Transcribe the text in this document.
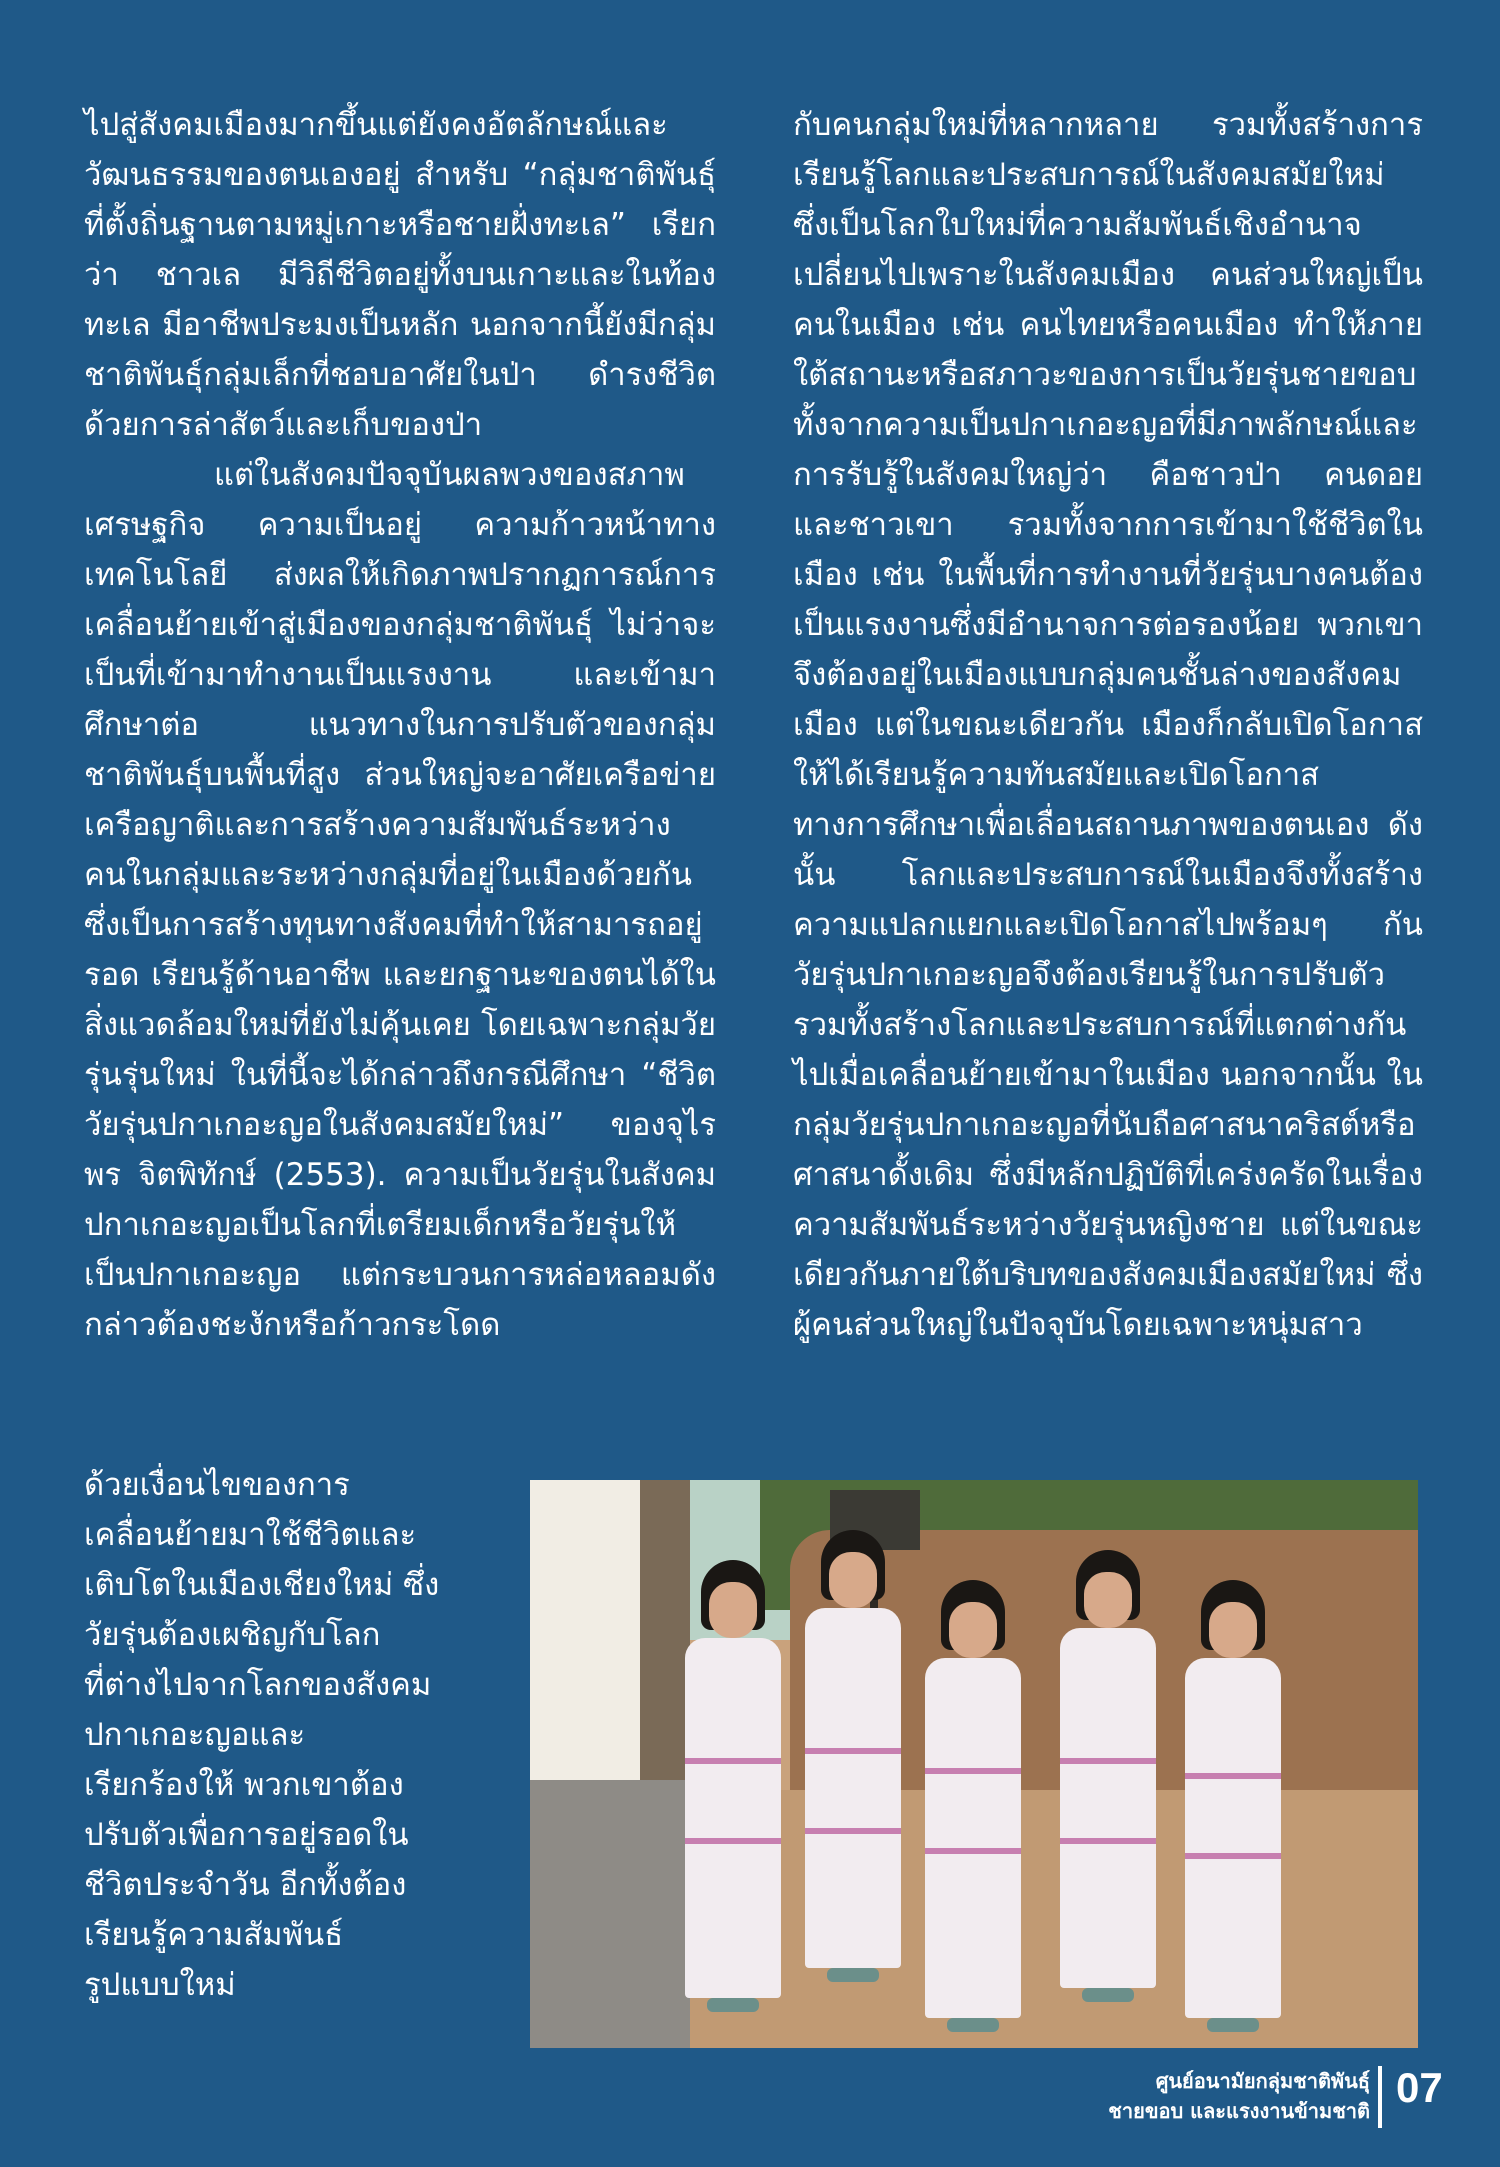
ไปสู่สังคมเมืองมากขึ้นแต่ยังคงอัตลักษณ์และวัฒนธรรมของตนเองอยู่ สำหรับ “กลุ่มชาติพันธุ์ที่ตั้งถิ่นฐานตามหมู่เกาะหรือชายฝั่งทะเล” เรียกว่า ชาวเล มีวิถีชีวิตอยู่ทั้งบนเกาะและในท้องทะเล มีอาชีพประมงเป็นหลัก นอกจากนี้ยังมีกลุ่มชาติพันธุ์กลุ่มเล็กที่ชอบอาศัยในป่า ดำรงชีวิตด้วยการล่าสัตว์และเก็บของป่า

แต่ในสังคมปัจจุบันผลพวงของสภาพเศรษฐกิจ ความเป็นอยู่ ความก้าวหน้าทางเทคโนโลยี ส่งผลให้เกิดภาพปรากฏการณ์การเคลื่อนย้ายเข้าสู่เมืองของกลุ่มชาติพันธุ์ ไม่ว่าจะเป็นที่เข้ามาทำงานเป็นแรงงาน และเข้ามาศึกษาต่อ แนวทางในการปรับตัวของกลุ่มชาติพันธุ์บนพื้นที่สูง ส่วนใหญ่จะอาศัยเครือข่ายเครือญาติและการสร้างความสัมพันธ์ระหว่างคนในกลุ่มและระหว่างกลุ่มที่อยู่ในเมืองด้วยกัน ซึ่งเป็นการสร้างทุนทางสังคมที่ทำให้สามารถอยู่รอด เรียนรู้ด้านอาชีพ และยกฐานะของตนได้ในสิ่งแวดล้อมใหม่ที่ยังไม่คุ้นเคย โดยเฉพาะกลุ่มวัยรุ่นรุ่นใหม่ ในที่นี้จะได้กล่าวถึงกรณีศึกษา “ชีวิตวัยรุ่นปกาเกอะญอในสังคมสมัยใหม่” ของจุไรพร จิตพิทักษ์ (2553). ความเป็นวัยรุ่นในสังคมปกาเกอะญอเป็นโลกที่เตรียมเด็กหรือวัยรุ่นให้เป็นปกาเกอะญอ แต่กระบวนการหล่อหลอมดังกล่าวต้องชะงักหรือก้าวกระโดด

กับคนกลุ่มใหม่ที่หลากหลาย รวมทั้งสร้างการเรียนรู้โลกและประสบการณ์ในสังคมสมัยใหม่ ซึ่งเป็นโลกใบใหม่ที่ความสัมพันธ์เชิงอำนาจเปลี่ยนไปเพราะในสังคมเมือง คนส่วนใหญ่เป็นคนในเมือง เช่น คนไทยหรือคนเมือง ทำให้ภายใต้สถานะหรือสภาวะของการเป็นวัยรุ่นชายขอบ ทั้งจากความเป็นปกาเกอะญอที่มีภาพลักษณ์และการรับรู้ในสังคมใหญ่ว่า คือชาวป่า คนดอย และชาวเขา รวมทั้งจากการเข้ามาใช้ชีวิตในเมือง เช่น ในพื้นที่การทำงานที่วัยรุ่นบางคนต้องเป็นแรงงานซึ่งมีอำนาจการต่อรองน้อย พวกเขาจึงต้องอยู่ในเมืองแบบกลุ่มคนชั้นล่างของสังคมเมือง แต่ในขณะเดียวกัน เมืองก็กลับเปิดโอกาสให้ได้เรียนรู้ความทันสมัยและเปิดโอกาสทางการศึกษาเพื่อเลื่อนสถานภาพของตนเอง ดังนั้น โลกและประสบการณ์ในเมืองจึงทั้งสร้างความแปลกแยกและเปิดโอกาสไปพร้อมๆ กัน วัยรุ่นปกาเกอะญอจึงต้องเรียนรู้ในการปรับตัว รวมทั้งสร้างโลกและประสบการณ์ที่แตกต่างกันไปเมื่อเคลื่อนย้ายเข้ามาในเมือง นอกจากนั้น ในกลุ่มวัยรุ่นปกาเกอะญอที่นับถือศาสนาคริสต์หรือศาสนาดั้งเดิม ซึ่งมีหลักปฏิบัติที่เคร่งครัดในเรื่องความสัมพันธ์ระหว่างวัยรุ่นหญิงชาย แต่ในขณะเดียวกันภายใต้บริบทของสังคมเมืองสมัยใหม่ ซึ่งผู้คนส่วนใหญ่ในปัจจุบันโดยเฉพาะหนุ่มสาว

ด้วยเงื่อนไขของการ
เคลื่อนย้ายมาใช้ชีวิตและ
เติบโตในเมืองเชียงใหม่ ซึ่ง
วัยรุ่นต้องเผชิญกับโลก
ที่ต่างไปจากโลกของสังคม
ปกาเกอะญอและ
เรียกร้องให้ พวกเขาต้อง
ปรับตัวเพื่อการอยู่รอดใน
ชีวิตประจำวัน อีกทั้งต้อง
เรียนรู้ความสัมพันธ์
รูปแบบใหม่
ศูนย์อนามัยกลุ่มชาติพันธุ์
ชายขอบ และแรงงานข้ามชาติ 07
